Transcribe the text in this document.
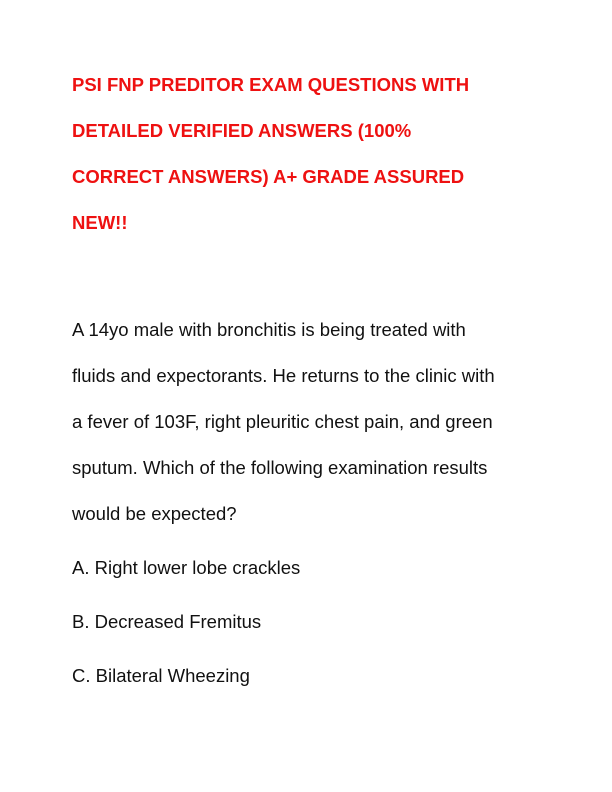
PSI FNP PREDITOR EXAM QUESTIONS WITH
DETAILED VERIFIED ANSWERS (100%
CORRECT ANSWERS) A+ GRADE ASSURED
NEW!!
A 14yo male with bronchitis is being treated with
fluids and expectorants. He returns to the clinic with
a fever of 103F, right pleuritic chest pain, and green
sputum. Which of the following examination results
would be expected?
A. Right lower lobe crackles
B. Decreased Fremitus
C. Bilateral Wheezing
